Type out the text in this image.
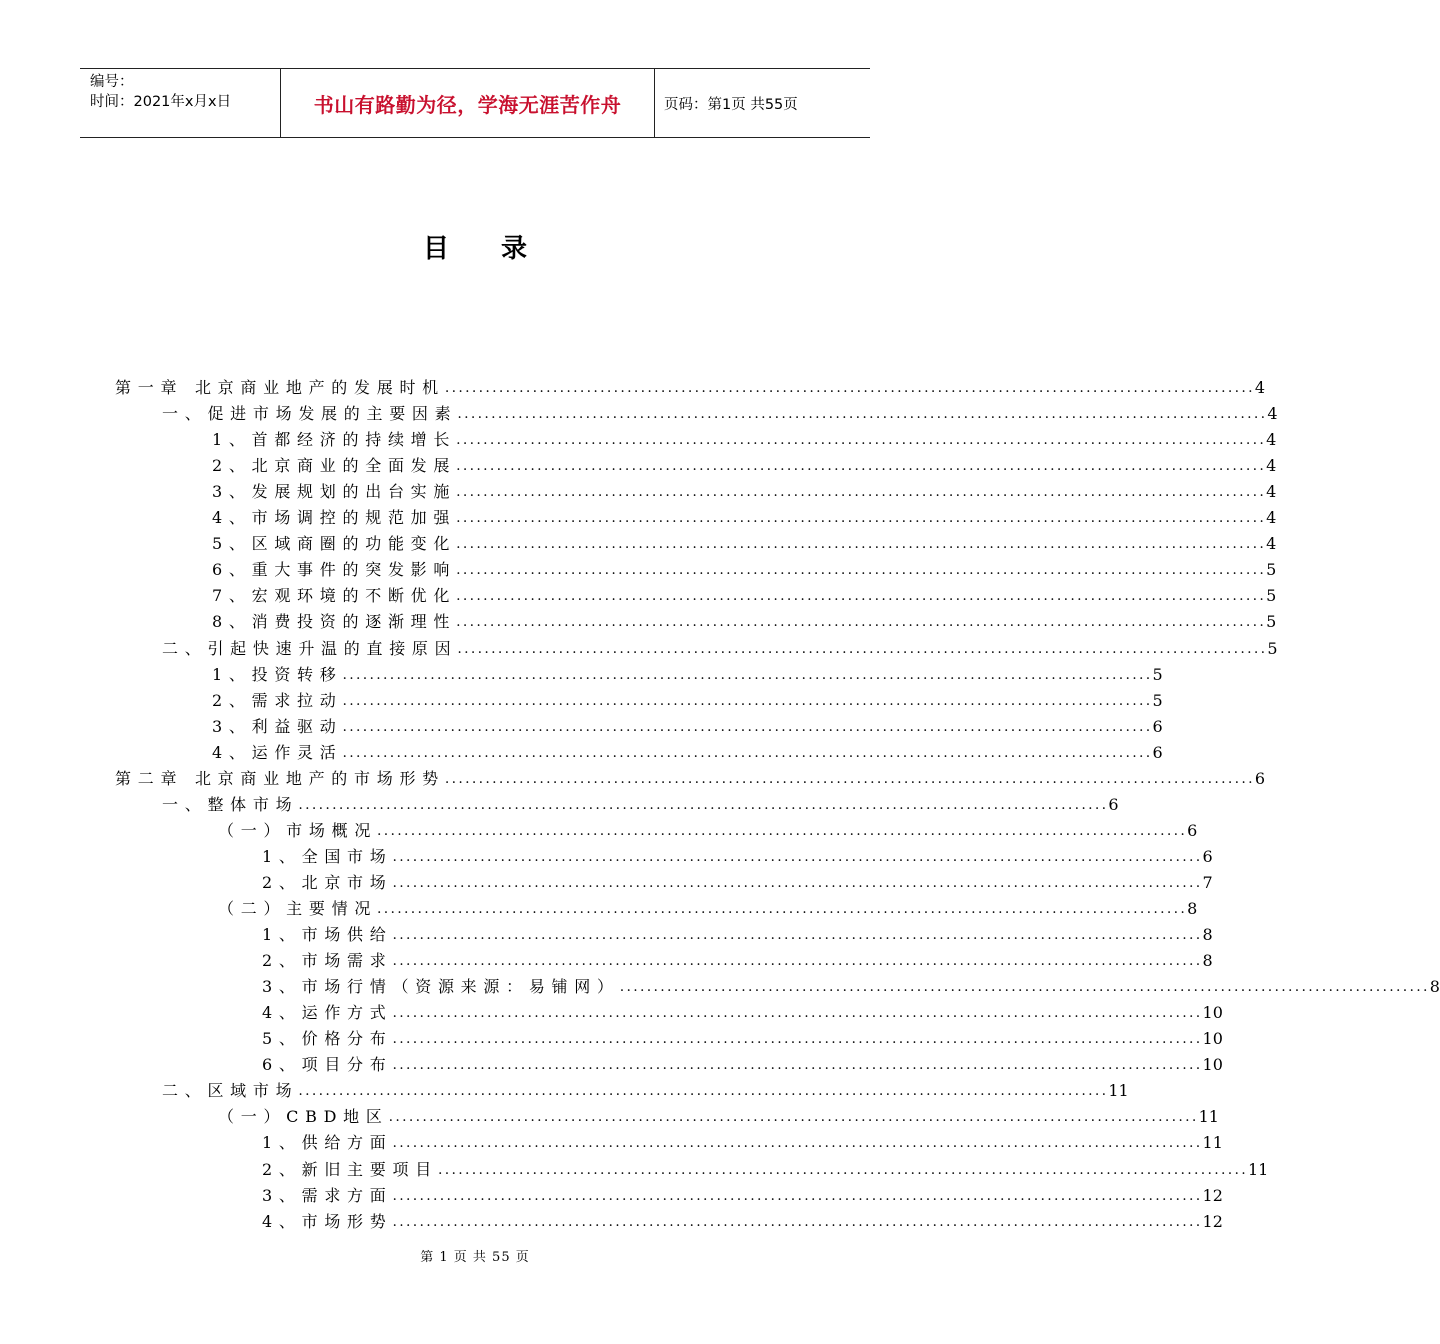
编号：
时间：2021年x月x日	书山有路勤为径，学海无涯苦作舟	页码：第1页 共55页
目录
第一章 北京商业地产的发展时机 ........................................................................................................................ 4
一、促进市场发展的主要因素 ........................................................................................................................ 4
1、首都经济的持续增长 ........................................................................................................................ 4
2、北京商业的全面发展 ........................................................................................................................ 4
3、发展规划的出台实施 ........................................................................................................................ 4
4、市场调控的规范加强 ........................................................................................................................ 4
5、区域商圈的功能变化 ........................................................................................................................ 4
6、重大事件的突发影响 ........................................................................................................................ 5
7、宏观环境的不断优化 ........................................................................................................................ 5
8、消费投资的逐渐理性 ........................................................................................................................ 5
二、引起快速升温的直接原因 ........................................................................................................................ 5
1、投资转移 ........................................................................................................................ 5
2、需求拉动 ........................................................................................................................ 5
3、利益驱动 ........................................................................................................................ 6
4、运作灵活 ........................................................................................................................ 6
第二章 北京商业地产的市场形势 ........................................................................................................................ 6
一、整体市场 ........................................................................................................................ 6
（一）市场概况 ........................................................................................................................ 6
1、全国市场 ........................................................................................................................ 6
2、北京市场 ........................................................................................................................ 7
（二）主要情况 ........................................................................................................................ 8
1、市场供给 ........................................................................................................................ 8
2、市场需求 ........................................................................................................................ 8
3、市场行情（资源来源：易铺网） ........................................................................................................................ 8
4、运作方式 ........................................................................................................................ 10
5、价格分布 ........................................................................................................................ 10
6、项目分布 ........................................................................................................................ 10
二、区域市场 ........................................................................................................................ 11
（一）CBD地区 ........................................................................................................................ 11
1、供给方面 ........................................................................................................................ 11
2、新旧主要项目 ........................................................................................................................ 11
3、需求方面 ........................................................................................................................ 12
4、市场形势 ........................................................................................................................ 12
第 1 页 共 55 页
